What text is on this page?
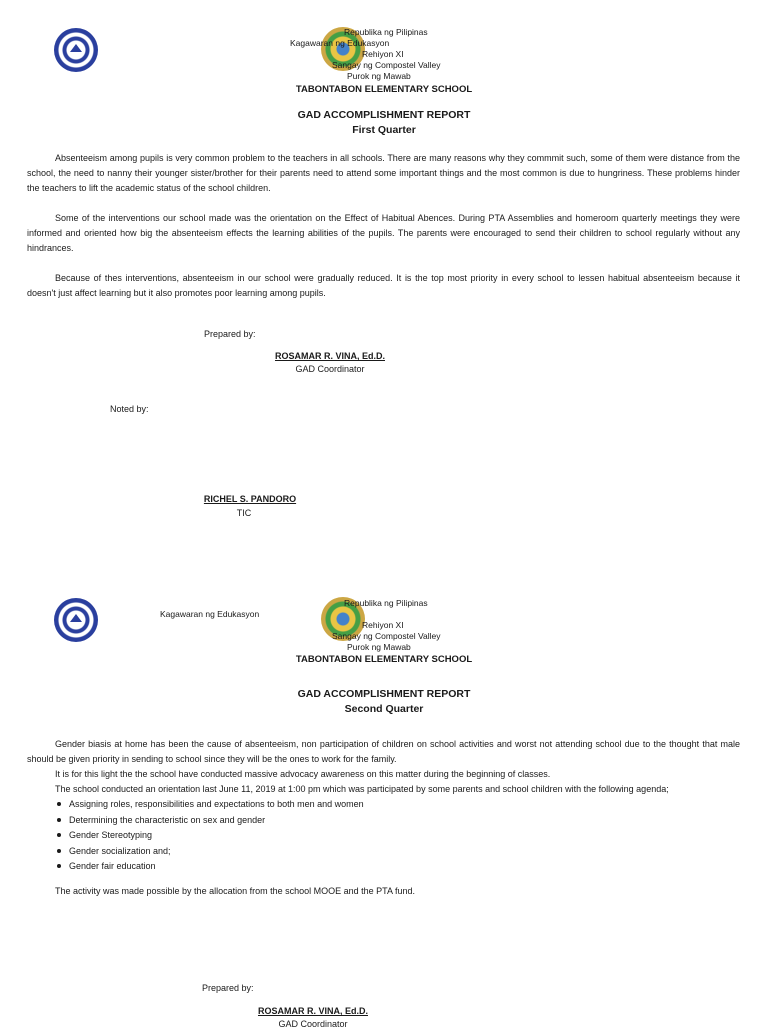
Republika ng Pilipinas
Kagawaran ng Edukasyon
Rehiyon XI
Sangay ng Compostel Valley
Purok ng Mawab
TABONTABON ELEMENTARY SCHOOL
GAD ACCOMPLISHMENT REPORT
First Quarter
Absenteeism among pupils is very common problem to the teachers in all schools. There are many reasons why they commmit such, some of them were distance from the school, the need to nanny their younger sister/brother for their parents need to attend some important things and the most common is due to hungriness. These problems hinder the teachers to lift the academic status of the school children.
Some of the interventions our school made was the orientation on the Effect of Habitual Abences. During PTA Assemblies and homeroom quarterly meetings they were informed and oriented how big the absenteeism effects the learning abilities of the pupils. The parents were encouraged to send their children to school regularly without any hindrances.
Because of thes interventions, absenteeism in our school were gradually reduced. It is the top most priority in every school to lessen habitual absenteeism because it doesn't just affect learning but it also promotes poor learning among pupils.
Prepared by:
ROSAMAR R. VINA, Ed.D.
GAD Coordinator
Noted by:
RICHEL S. PANDORO
TIC
Republika ng Pilipinas
Kagawaran ng Edukasyon
Rehiyon XI
Sangay ng Compostel Valley
Purok ng Mawab
TABONTABON ELEMENTARY SCHOOL
GAD ACCOMPLISHMENT REPORT
Second Quarter
Gender biasis at home has been the cause of absenteeism, non participation of children on school activities and worst not attending school due to the thought that male should be given priority in sending to school since they will be the ones to work for the family.
It is for this light the the school have conducted massive advocacy awareness on this matter during the beginning of classes.
The school conducted an orientation last June 11, 2019 at 1:00 pm which was participated by some parents and school children with the following agenda;
Assigning roles, responsibilities and expectations to both men and women
Determining the characteristic on sex and gender
Gender Stereotyping
Gender socialization and;
Gender fair education
The activity was made possible by the allocation from the school MOOE and the PTA fund.
Prepared by:
ROSAMAR R. VINA, Ed.D.
GAD Coordinator
